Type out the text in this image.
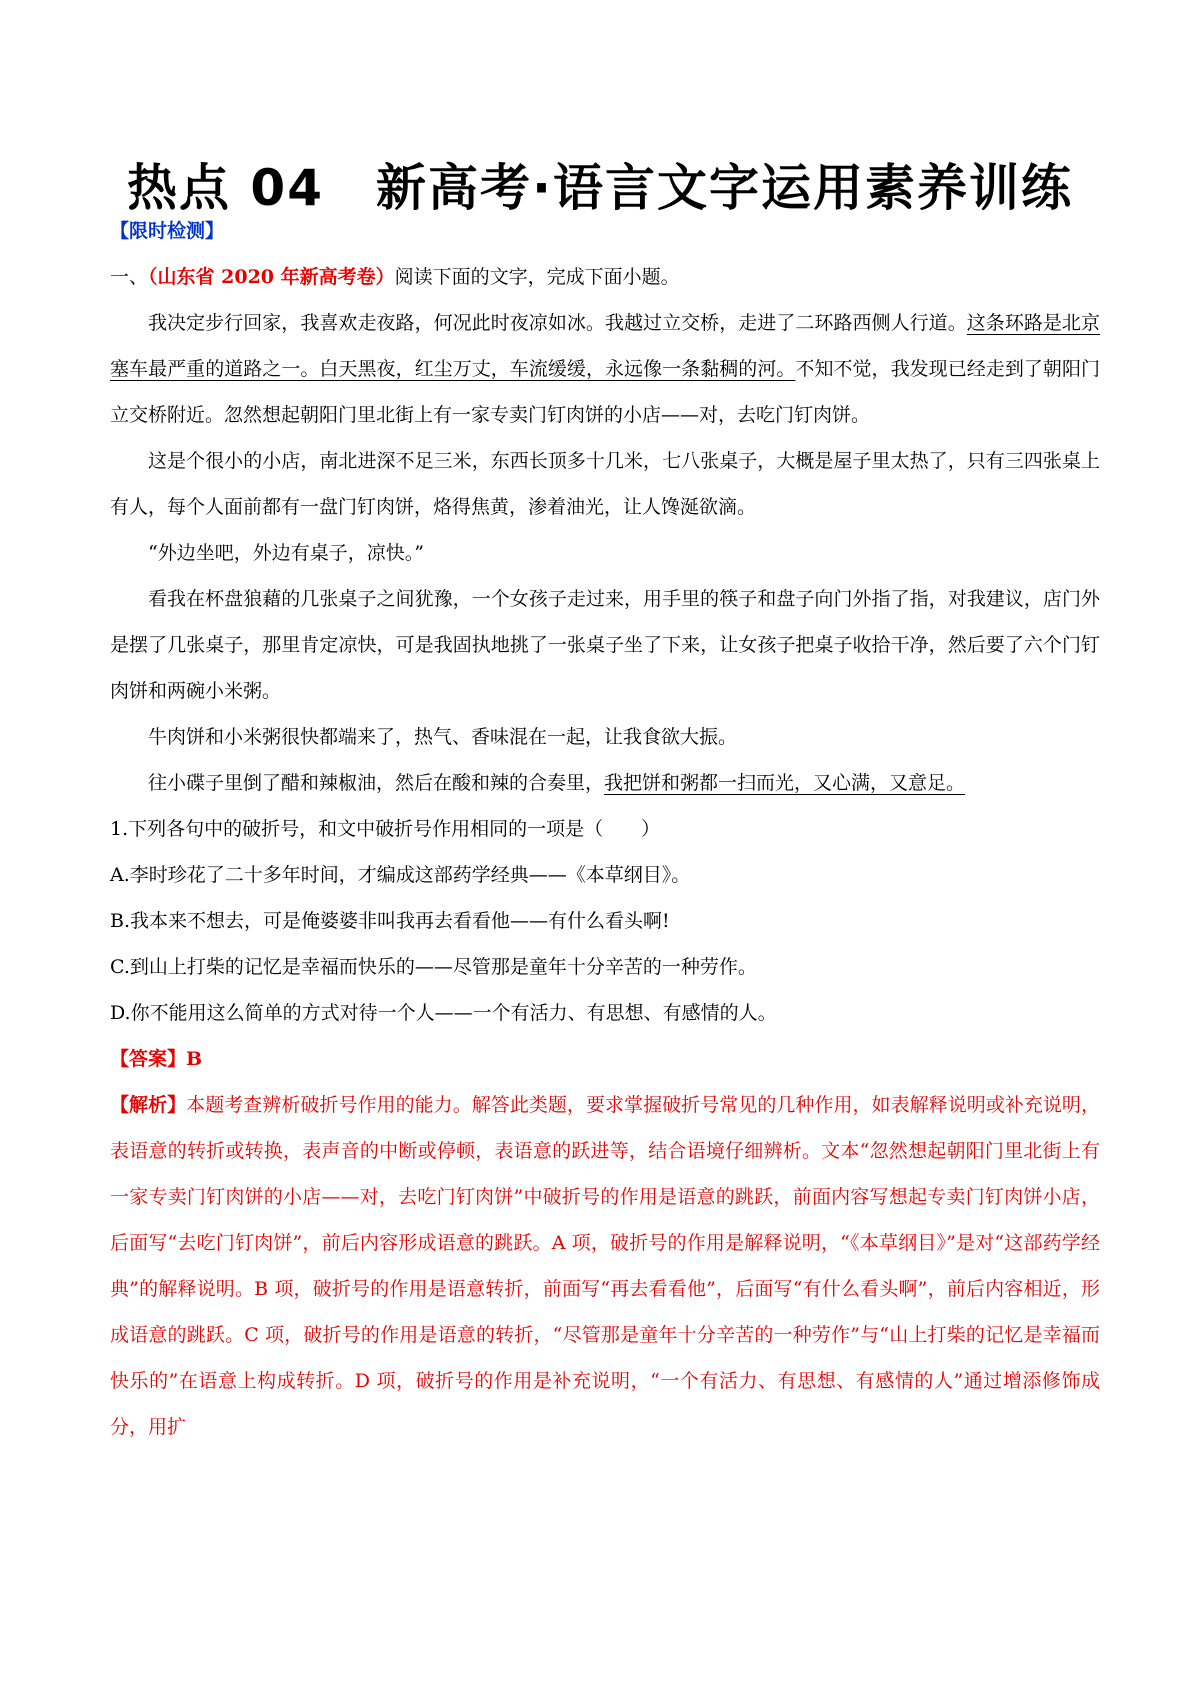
热点 04　新高考·语言文字运用素养训练
【限时检测】
一、（山东省 2020 年新高考卷）阅读下面的文字，完成下面小题。
我决定步行回家，我喜欢走夜路，何况此时夜凉如冰。我越过立交桥，走进了二环路西侧人行道。这条环路是北京塞车最严重的道路之一。白天黑夜，红尘万丈，车流缓缓，永远像一条黏稠的河。不知不觉，我发现已经走到了朝阳门立交桥附近。忽然想起朝阳门里北街上有一家专卖门钉肉饼的小店——对，去吃门钉肉饼。
这是个很小的小店，南北进深不足三米，东西长顶多十几米，七八张桌子，大概是屋子里太热了，只有三四张桌上有人，每个人面前都有一盘门钉肉饼，烙得焦黄，渗着油光，让人馋涎欲滴。
“外边坐吧，外边有桌子，凉快。”
看我在杯盘狼藉的几张桌子之间犹豫，一个女孩子走过来，用手里的筷子和盘子向门外指了指，对我建议，店门外是摆了几张桌子，那里肯定凉快，可是我固执地挑了一张桌子坐了下来，让女孩子把桌子收拾干净，然后要了六个门钉肉饼和两碗小米粥。
牛肉饼和小米粥很快都端来了，热气、香味混在一起，让我食欲大振。
往小碟子里倒了醋和辣椒油，然后在酸和辣的合奏里，我把饼和粥都一扫而光，又心满，又意足。
1.下列各句中的破折号，和文中破折号作用相同的一项是（　　）
A.李时珍花了二十多年时间，才编成这部药学经典——《本草纲目》。
B.我本来不想去，可是俺婆婆非叫我再去看看他——有什么看头啊!
C.到山上打柴的记忆是幸福而快乐的——尽管那是童年十分辛苦的一种劳作。
D.你不能用这么简单的方式对待一个人——一个有活力、有思想、有感情的人。
【答案】B
【解析】本题考查辨析破折号作用的能力。解答此类题，要求掌握破折号常见的几种作用，如表解释说明或补充说明，表语意的转折或转换，表声音的中断或停顿，表语意的跃进等，结合语境仔细辨析。文本“忽然想起朝阳门里北街上有一家专卖门钉肉饼的小店——对，去吃门钉肉饼”中破折号的作用是语意的跳跃，前面内容写想起专卖门钉肉饼小店，后面写“去吃门钉肉饼”，前后内容形成语意的跳跃。A 项，破折号的作用是解释说明，“《本草纲目》”是对“这部药学经典”的解释说明。B 项，破折号的作用是语意转折，前面写“再去看看他”，后面写“有什么看头啊”，前后内容相近，形成语意的跳跃。C 项，破折号的作用是语意的转折，“尽管那是童年十分辛苦的一种劳作”与“山上打柴的记忆是幸福而快乐的”在语意上构成转折。D 项，破折号的作用是补充说明，“一个有活力、有思想、有感情的人”通过增添修饰成分，用扩
